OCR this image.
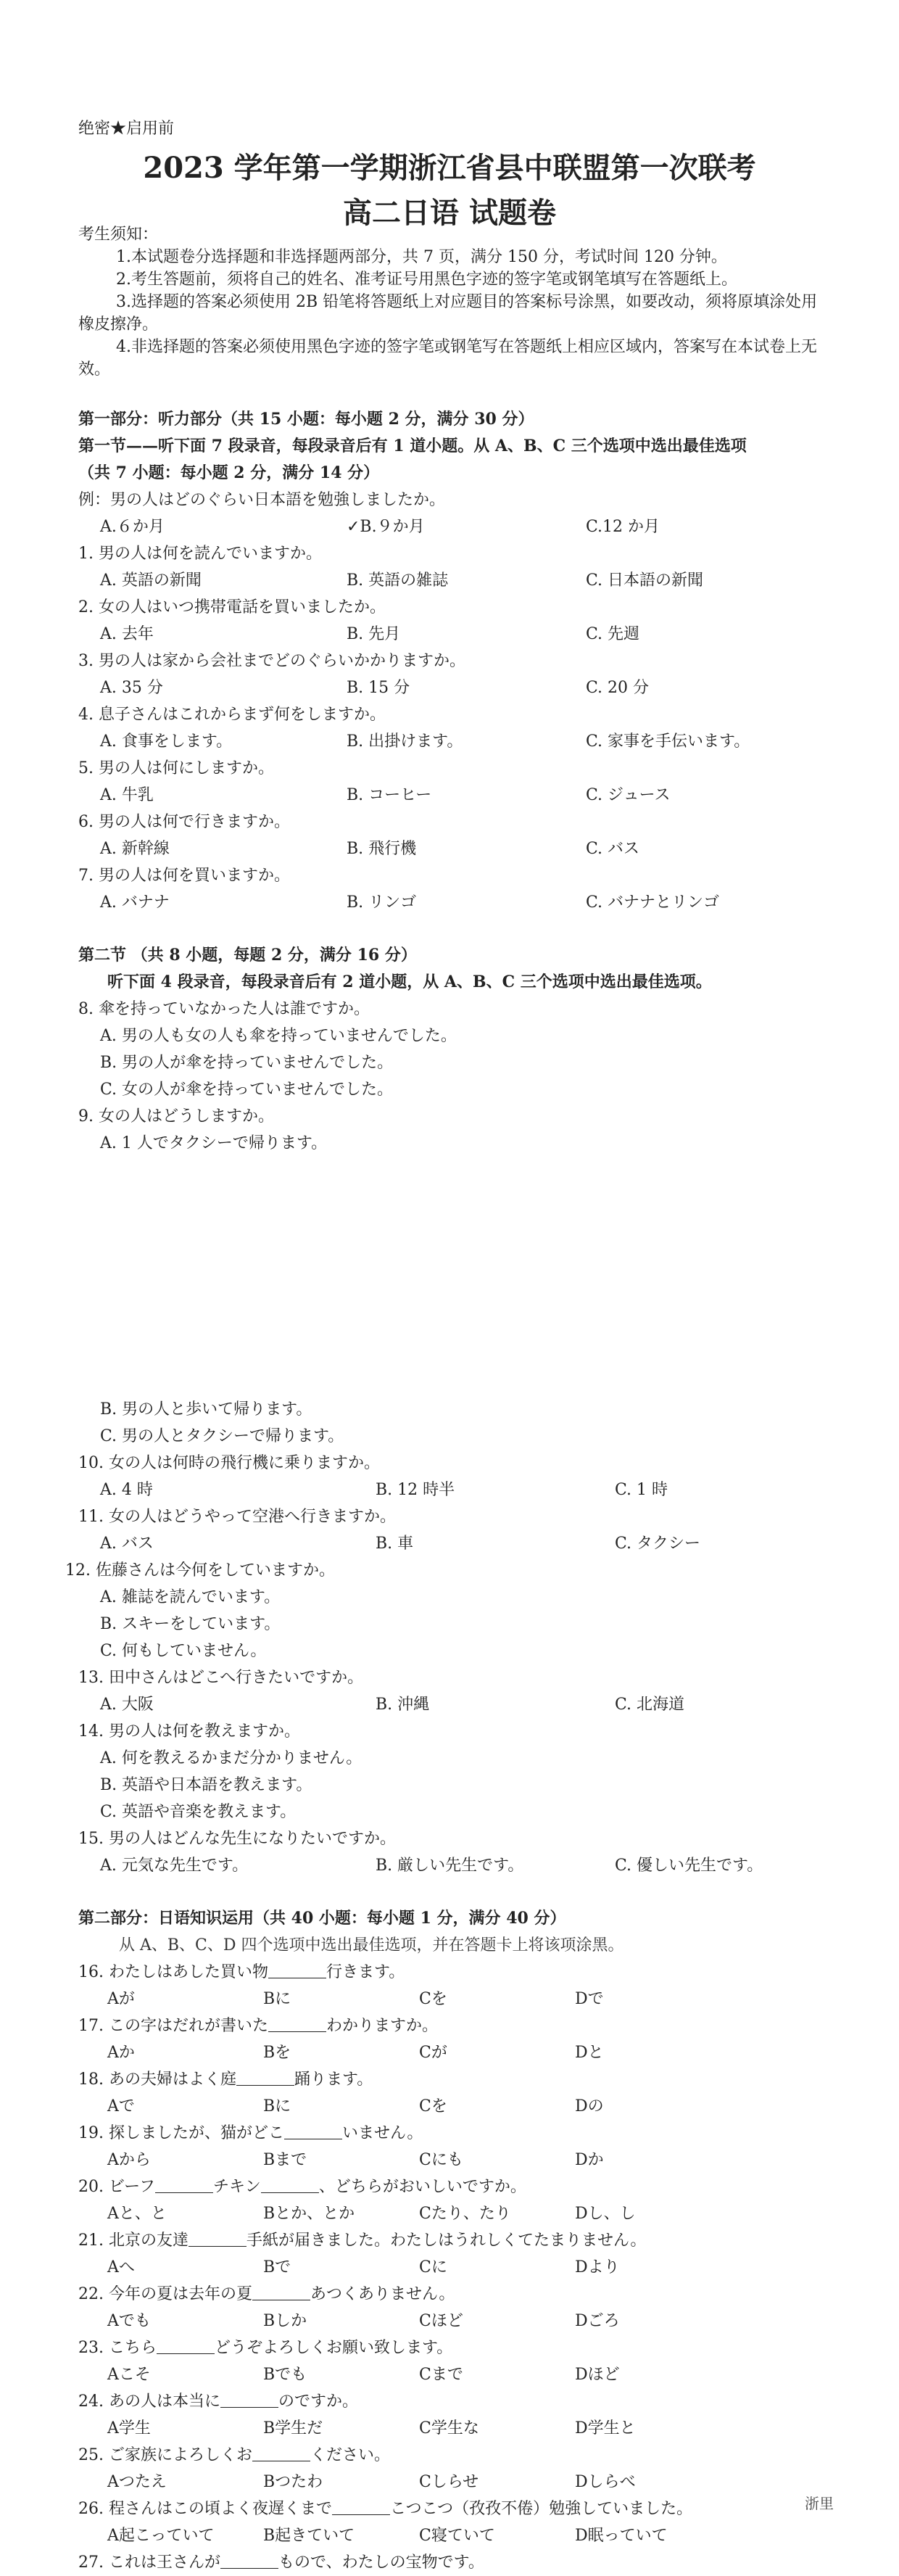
绝密★启用前
2023 学年第一学期浙江省县中联盟第一次联考
高二日语 试题卷

考生须知：

1.本试题卷分选择题和非选择题两部分，共 7 页，满分 150 分，考试时间 120 分钟。

2.考生答题前，须将自己的姓名、准考证号用黑色字迹的签字笔或钢笔填写在答题纸上。

3.选择题的答案必须使用 2B 铅笔将答题纸上对应题目的答案标号涂黑，如要改动，须将原填涂处用橡皮擦净。

4.非选择题的答案必须使用黑色字迹的签字笔或钢笔写在答题纸上相应区域内，答案写在本试卷上无效。

第一部分：听力部分（共 15 小题：每小题 2 分，满分 30 分）
第一节——听下面 7 段录音，每段录音后有 1 道小题。从 A、B、C 三个选项中选出最佳选项
（共 7 小题：每小题 2 分，满分 14 分）
例：男の人はどのぐらい日本語を勉強しましたか。
A.６か月	✓B.９か月	C.12 か月
1. 男の人は何を読んでいますか。
A. 英語の新聞	B. 英語の雑誌	C. 日本語の新聞
2. 女の人はいつ携帯電話を買いましたか。
A. 去年	B. 先月	C. 先週
3. 男の人は家から会社までどのぐらいかかりますか。
A. 35 分	B. 15 分	C. 20 分
4. 息子さんはこれからまず何をしますか。
A. 食事をします。	B. 出掛けます。	C. 家事を手伝います。
5. 男の人は何にしますか。
A. 牛乳	B. コーヒー	C. ジュース
6. 男の人は何で行きますか。
A. 新幹線	B. 飛行機	C. バス
7. 男の人は何を買いますか。
A. バナナ	B. リンゴ	C. バナナとリンゴ
第二节 （共 8 小题，每题 2 分，满分 16 分）
听下面 4 段录音，每段录音后有 2 道小题，从 A、B、C 三个选项中选出最佳选项。
8. 傘を持っていなかった人は誰ですか。
A. 男の人も女の人も傘を持っていませんでした。
B. 男の人が傘を持っていませんでした。
C. 女の人が傘を持っていませんでした。
9. 女の人はどうしますか。
A. 1 人でタクシーで帰ります。
B. 男の人と歩いて帰ります。
C. 男の人とタクシーで帰ります。
10. 女の人は何時の飛行機に乗りますか。
A. 4 時	B. 12 時半	C. 1 時
11. 女の人はどうやって空港へ行きますか。
A. バス	B. 車	C. タクシー
12. 佐藤さんは今何をしていますか。
A. 雑誌を読んでいます。
B. スキーをしています。
C. 何もしていません。
13. 田中さんはどこへ行きたいですか。
A. 大阪	B. 沖縄	C. 北海道
14. 男の人は何を教えますか。
A. 何を教えるかまだ分かりません。
B. 英語や日本語を教えます。
C. 英語や音楽を教えます。
15. 男の人はどんな先生になりたいですか。
A. 元気な先生です。	B. 厳しい先生です。	C. 優しい先生です。
第二部分：日语知识运用（共 40 小题：每小题 1 分，满分 40 分）
从 A、B、C、D 四个选项中选出最佳选项，并在答题卡上将该项涂黑。
16. わたしはあした買い物	行きます。
Aが	Bに	Cを	Dで
17. この字はだれが書いた	わかりますか。
Aか	Bを	Cが	Dと
18. あの夫婦はよく庭	踊ります。
Aで	Bに	Cを	Dの
19. 探しましたが、猫がどこ	いません。
Aから	Bまで	Cにも	Dか
20. ビーフ	チキン	、どちらがおいしいですか。
Aと、と	Bとか、とか	Cたり、たり	Dし、し
21. 北京の友達	手紙が届きました。わたしはうれしくてたまりません。
Aへ	Bで	Cに	Dより
22. 今年の夏は去年の夏	あつくありません。
Aでも	Bしか	Cほど	Dごろ
23. こちら	どうぞよろしくお願い致します。
Aこそ	Bでも	Cまで	Dほど
24. あの人は本当に	のですか。
A学生	B学生だ	C学生な	D学生と
25. ご家族によろしくお	ください。
Aつたえ	Bつたわ	Cしらせ	Dしらべ
26. 程さんはこの頃よく夜遅くまで	こつこつ（孜孜不倦）勉強していました。
A起こっていて	B起きていて	C寝ていて	D眠っていて
27. これは王さんが	もので、わたしの宝物です。
浙里
